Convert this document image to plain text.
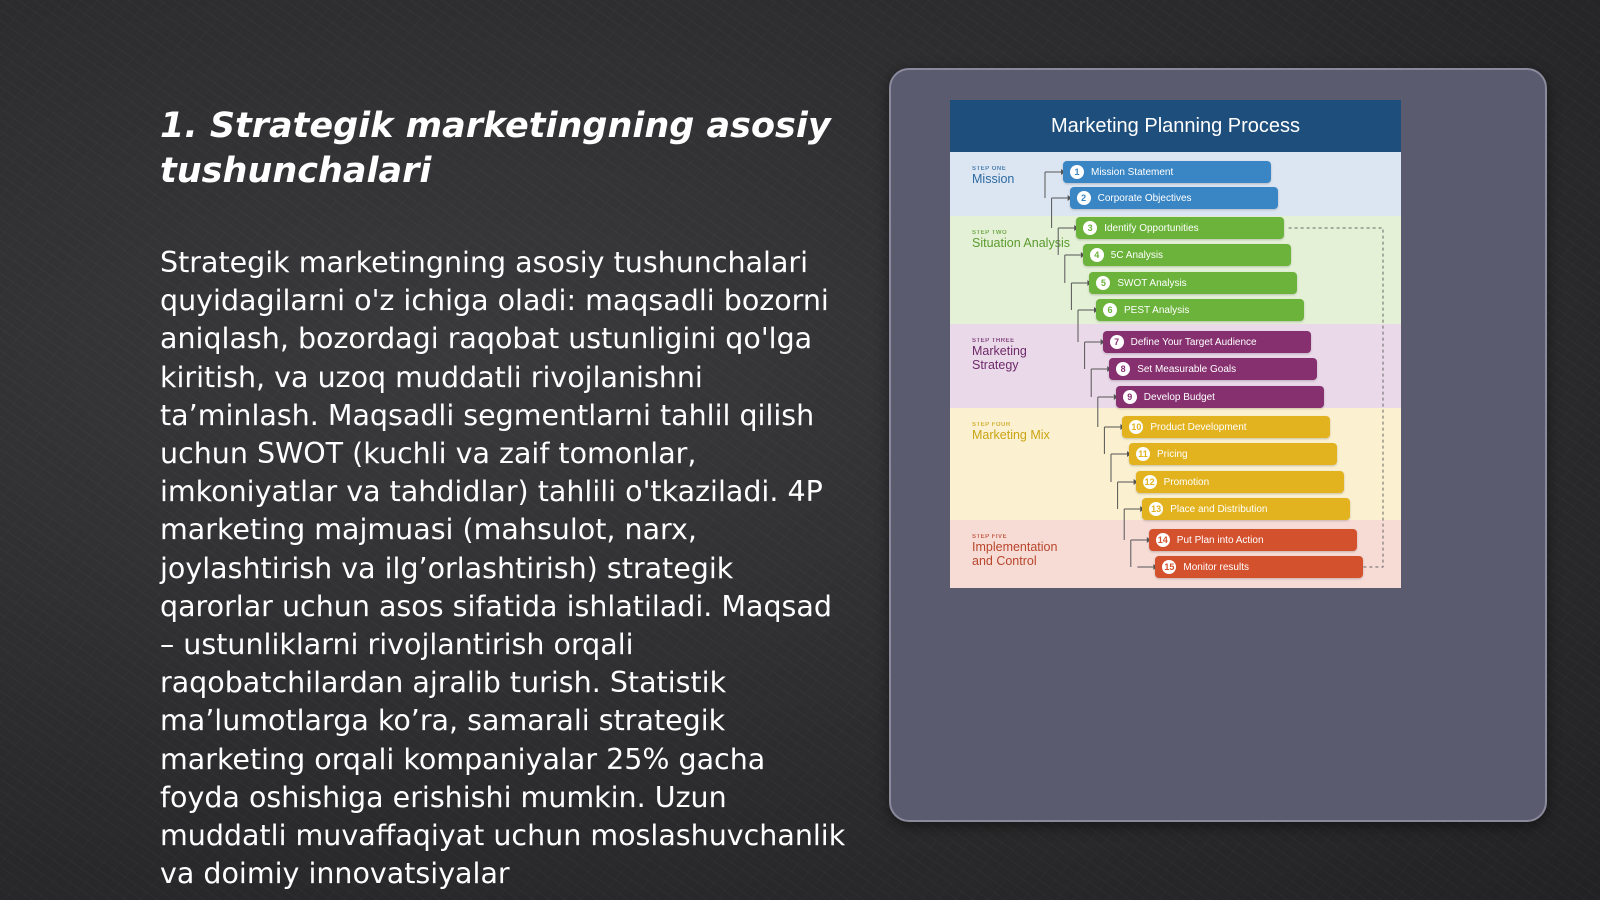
1. Strategik marketingning asosiy tushunchalari

Strategik marketingning asosiy tushunchalari quyidagilarni o'z ichiga oladi: maqsadli bozorni aniqlash, bozordagi raqobat ustunligini qo'lga kiritish, va uzoq muddatli rivojlanishni ta’minlash. Maqsadli segmentlarni tahlil qilish uchun SWOT (kuchli va zaif tomonlar, imkoniyatlar va tahdidlar) tahlili o'tkaziladi. 4P marketing majmuasi (mahsulot, narx, joylashtirish va ilg’orlashtirish) strategik qarorlar uchun asos sifatida ishlatiladi. Maqsad – ustunliklarni rivojlantirish orqali raqobatchilardan ajralib turish. Statistik ma’lumotlarga ko’ra, samarali strategik marketing orqali kompaniyalar 25% gacha foyda oshishiga erishishi mumkin. Uzun muddatli muvaffaqiyat uchun moslashuvchanlik va doimiy innovatsiyalar

Marketing Planning Process
STEP ONE
Mission
STEP TWO
Situation Analysis
STEP THREE
Marketing Strategy
STEP FOUR
Marketing Mix
STEP FIVE
Implementation and Control
1	Mission Statement
2	Corporate Objectives
3	Identify Opportunities
4	5C Analysis
5	SWOT Analysis
6	PEST Analysis
7	Define Your Target Audience
8	Set Measurable Goals
9	Develop Budget
10 Product Development
11 Pricing
12 Promotion
13 Place and Distribution
14 Put Plan into Action
15 Monitor results
